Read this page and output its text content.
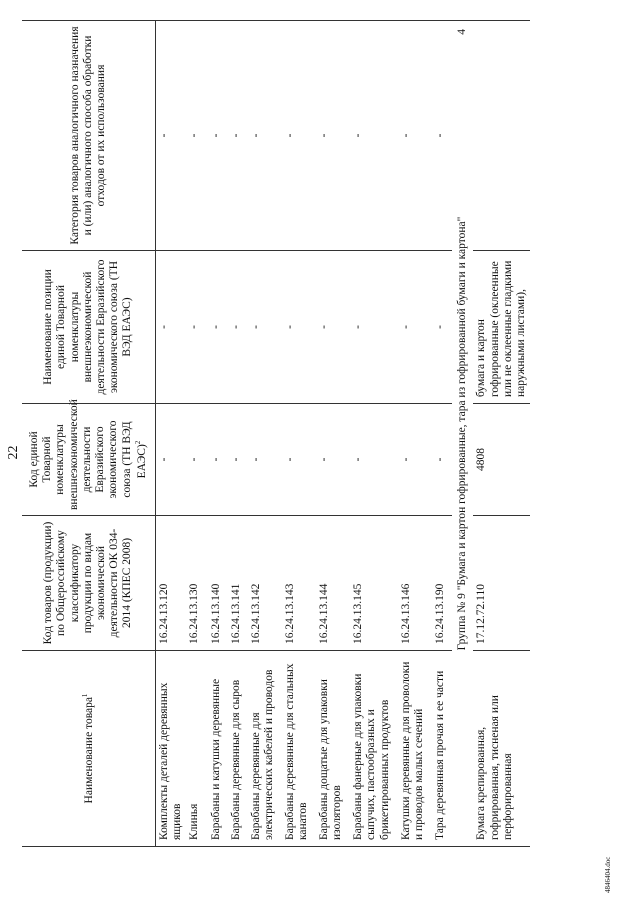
22
Наименование товара$^1$	Код товаров (продукции) по Общероссийскому классификатору продукции по видам экономической деятельности ОК 034-2014 (КПЕС 2008)	Код единой Товарной номенклатуры внешнеэкономической деятельности Евразийского экономического союза (ТН ВЭД ЕАЭС)$^2$	Наименование позиции единой Товарной номенклатуры внешнеэкономической деятельности Евразийского экономического союза (ТН ВЭД ЕАЭС)	Категория товаров аналогичного назначения и (или) аналогичного способа обработки отходов от их использования
Комплекты деталей деревянных ящиков	16.24.13.120	-	-	-
Клинья	16.24.13.130	-	-	-
Барабаны и катушки деревянные	16.24.13.140	-	-	-
Барабаны деревянные для сыров	16.24.13.141	-	-	-
Барабаны деревянные для электрических кабелей и проводов	16.24.13.142	-	-	-
Барабаны деревянные для стальных канатов	16.24.13.143	-	-	-
Барабаны дощатые для упаковки изоляторов	16.24.13.144	-	-	-
Барабаны фанерные для упаковки сыпучих, пастообразных и брикетированных продуктов	16.24.13.145	-	-	-
Катушки деревянные для проволоки и проводов малых сечений	16.24.13.146	-	-	-
Тара деревянная прочая и ее части	16.24.13.190	-	-	-
Группа № 9 "Бумага и картон гофрированные, тара из гофрированной бумаги и картона"
4				

Бумага крепированная, гофрированная, тисненая или перфорированная	17.12.72.110	4808	бумага и картон гофрированные (оклеенные или не оклеенные гладкими наружными листами),	
4846404.doc
